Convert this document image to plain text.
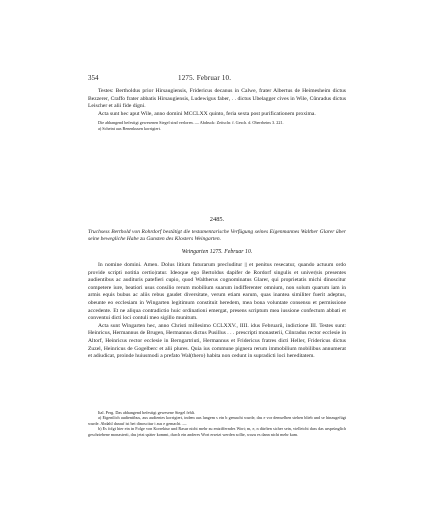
354	1275. Februar 10.

Testes: Bertholdus prior Hirsaugiensis, Fridericus decanus in Calwe, frater Albertus de Heimesheim dictus Bezzerer, Craffo frater abbatis Hirsaugiensis, Ludewigus faber, . . dictus Ubelagger cives in Wile, Cůnradus dictus Leischer et alii fide digni.

Acta sunt hec aput Wile, anno domini MCCLXX quinto, feria sexta post purificationem proxima.

Die abhangend befestigt gewesenen Siegel sind verloren. — Abdruck: Zeitschr. f. Gesch. d. Oberrheins 3. 221.

a) Scheint aus Benenkusen korrigiert.

2485.
Truchsess Berthold von Rohrdorf bestätigt die testamentarische Verfügung seines Eigenmannes Walther Glarer über seine bewegliche Habe zu Gunsten des Klosters Weingarten.
Weingarten 1275. Februar 10.

In nomine domini. Amen. Dolus litium futurarum precluditur || et penitus resecatur, quando actuum ordo provide scripti notitia certio|ratur. Ideoque ego Bertoldus dapifer de Rordorf singulis et univer|sis presentes audientibus ac audituris patefieri cupio, quod Waltherus cognominatus Glarer, qui proprietatis michi dinoscitur competere iure, beatiori usus consilio rerum mobilium suarum indifferenter omnium, non solum quarum iam in armis equis bubus ac aliis rebus gaudet diversitate, verum etiam earum, quas inantea similiter fuerit adeptus, obeunte eo ecclesiam in Wingarten legitimum constituit heredem, mea bona voluntate consensu et permissione accedente. Et ne aliqua contradictio huic ordinationi emergat, presens scriptum mea iussione confectum abbati et conventui dicti loci contuli meo sigillo munitum.

Acta sunt Wingarten hec, anno Christi millesimo CCLXXV., IIII. idus Februarii, indictione III. Testes sunt: Heinricus, Hermannus de Brugen, Hermannus dictus Pusillus . . . prescripti monasterii, Cůnradus rector ecclesie in Altorf, Heinricus rector ecclesie in Berngartriuti, Hermannus et Fridericus fratres dicti Heller, Fridericus dictus Zuzel, Heinricus de Gogelberc et alii plures. Quia ius commune pignera rerum immobilium mobilibus annumerat et adiudicat, proinde huiusmodi a prefato Wal(thero) habita non cedunt in supradicti loci hereditatem.

Ital. Perg. Das abhangend befestigt gewesene Siegel fehlt.

a) Eigentlich audientibus, aus audientes korrigiert, indem aus langem s ein b gemacht wurde, das e vor demselben stehen blieb und se hinzugefügt wurde. Abdahl darauf ist bei dinoscitur i aus e gemacht. —

b) Es folgt hier ein in Folge von Korrektur und Rasur nicht mehr zu entzifferndes Wort; m, e, n dürften sicher sein, vielleicht dass das ursprünglich geschriebene monasterii, das jetzt später kommt, durch ein anderes Wort ersetzt werden sollte, wozu es dann nicht mehr kam.
